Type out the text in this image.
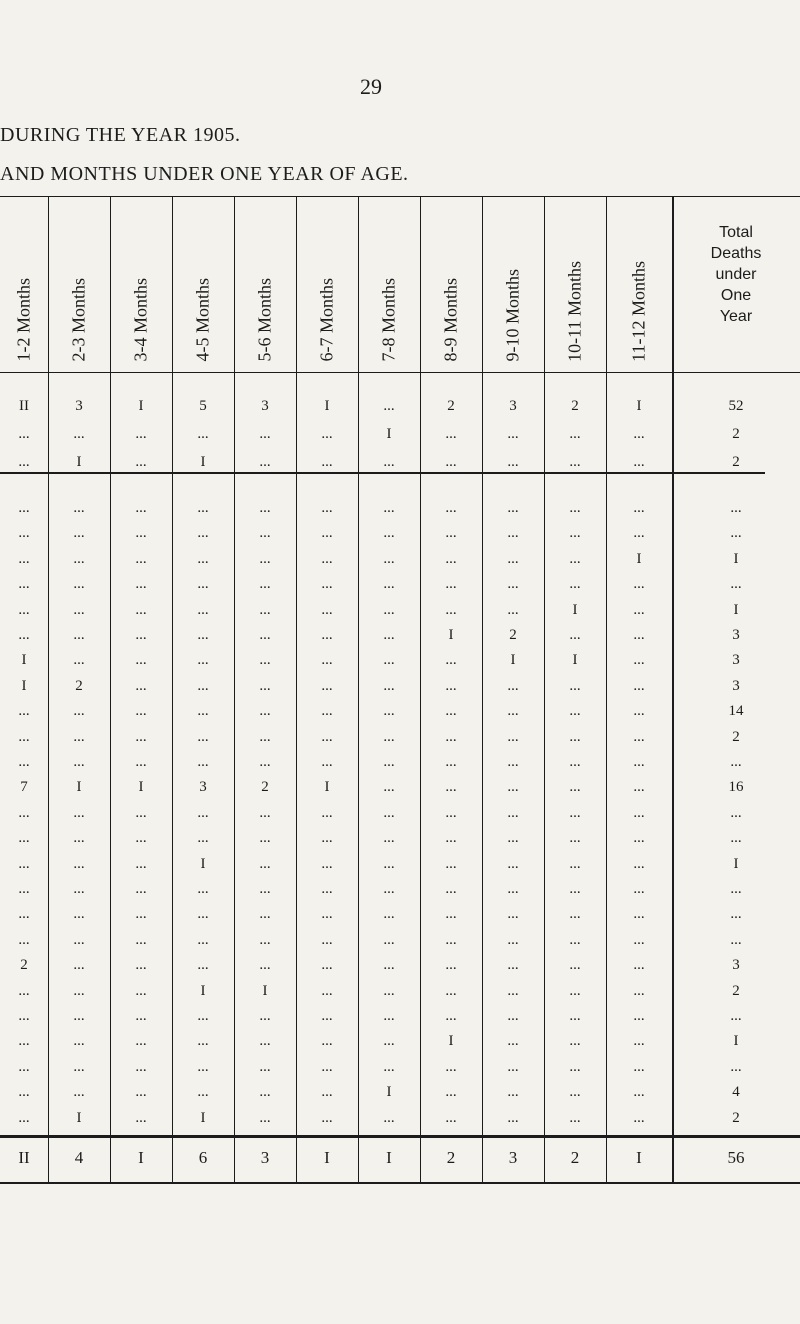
29
DURING THE YEAR 1905.
AND MONTHS UNDER ONE YEAR OF AGE.
1-2 Months 2-3 Months 3-4 Months 4-5 Months 5-6 Months 6-7 Months 7-8 Months 8-9 Months 9-10 Months 10-11 Months 11-12 Months
Total
Deaths
under
One
Year
II	3	I	5	3	I	...	2	3	2	I	52
...	...	...	...	...	...	I	...	...	...	...	2
...	I	...	I	...	...	...	...	...	...	...	2
...	...	...	...	...	...	...	...	...	...	...	...
...	...	...	...	...	...	...	...	...	...	...	...
...	...	...	...	...	...	...	...	...	...	I	I
...	...	...	...	...	...	...	...	...	...	...	...
...	...	...	...	...	...	...	...	...	I	...	I
...	...	...	...	...	...	...	I	2	...	...	3
I	...	...	...	...	...	...	...	I	I	...	3
I	2	...	...	...	...	...	...	...	...	...	3
...	...	...	...	...	...	...	...	...	...	...	14
...	...	...	...	...	...	...	...	...	...	...	2
...	...	...	...	...	...	...	...	...	...	...	...
7	I	I	3	2	I	...	...	...	...	...	16
...	...	...	...	...	...	...	...	...	...	...	...
...	...	...	...	...	...	...	...	...	...	...	...
...	...	...	I	...	...	...	...	...	...	...	I
...	...	...	...	...	...	...	...	...	...	...	...
...	...	...	...	...	...	...	...	...	...	...	...
...	...	...	...	...	...	...	...	...	...	...	...
2	...	...	...	...	...	...	...	...	...	...	3
...	...	...	I	I	...	...	...	...	...	...	2
...	...	...	...	...	...	...	...	...	...	...	...
...	...	...	...	...	...	...	I	...	...	...	I
...	...	...	...	...	...	...	...	...	...	...	...
...	...	...	...	...	...	I	...	...	...	...	4
...	I	...	I	...	...	...	...	...	...	...	2
II	4	I	6	3	I	I	2	3	2	I	56
